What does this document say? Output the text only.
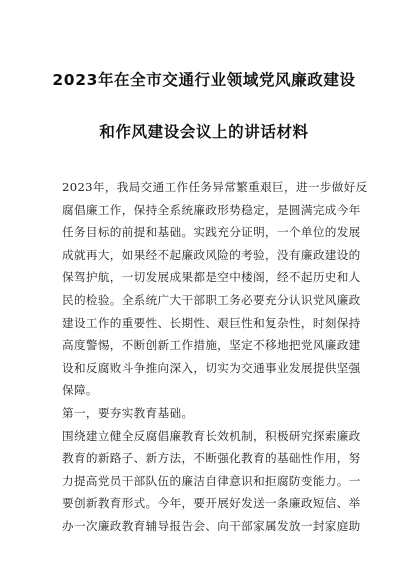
2023年在全市交通行业领域党风廉政建设
和作风建设会议上的讲话材料
2023年，我局交通工作任务异常繁重艰巨，进一步做好反
腐倡廉工作，保持全系统廉政形势稳定，是圆满完成今年
任务目标的前提和基础。实践充分证明，一个单位的发展
成就再大，如果经不起廉政风险的考验，没有廉政建设的
保驾护航，一切发展成果都是空中楼阁，经不起历史和人
民的检验。全系统广大干部职工务必要充分认识党风廉政
建设工作的重要性、长期性、艰巨性和复杂性，时刻保持
高度警惕，不断创新工作措施，坚定不移地把党风廉政建
设和反腐败斗争推向深入，切实为交通事业发展提供坚强
保障。
第一，要夯实教育基础。
围绕建立健全反腐倡廉教育长效机制，积极研究探索廉政
教育的新路子、新方法，不断强化教育的基础性作用，努
力提高党员干部队伍的廉洁自律意识和拒腐防变能力。一
要创新教育形式。今年，要开展好发送一条廉政短信、举
办一次廉政教育辅导报告会、向干部家属发放一封家庭助
